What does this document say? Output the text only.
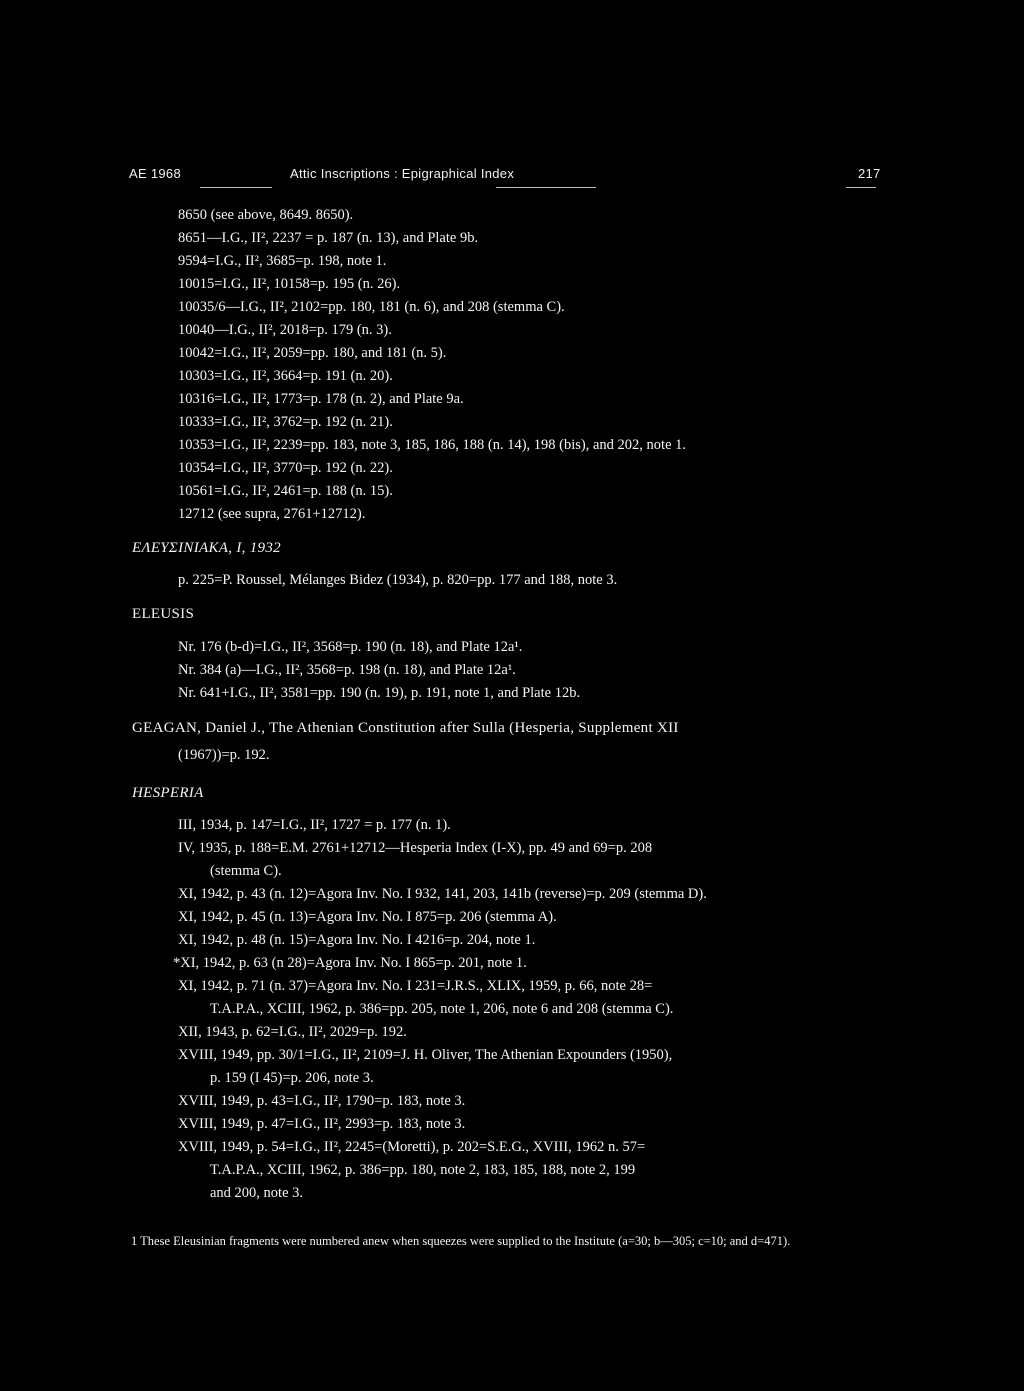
AE 1968	Attic Inscriptions : Epigraphical Index	217
8650 (see above, 8649. 8650).
8651—I.G., II², 2237 = p. 187 (n. 13), and Plate 9b.
9594=I.G., II², 3685=p. 198, note 1.
10015=I.G., II², 10158=p. 195 (n. 26).
10035/6—I.G., II², 2102=pp. 180, 181 (n. 6), and 208 (stemma C).
10040—I.G., II², 2018=p. 179 (n. 3).
10042=I.G., II², 2059=pp. 180, and 181 (n. 5).
10303=I.G., II², 3664=p. 191 (n. 20).
10316=I.G., II², 1773=p. 178 (n. 2), and Plate 9a.
10333=I.G., II², 3762=p. 192 (n. 21).
10353=I.G., II², 2239=pp. 183, note 3, 185, 186, 188 (n. 14), 198 (bis), and 202, note 1.
10354=I.G., II², 3770=p. 192 (n. 22).
10561=I.G., II², 2461=p. 188 (n. 15).
12712 (see supra, 2761+12712).
ΕΛΕΥΣΙΝΙΑΚΑ, I, 1932
p. 225=P. Roussel, Mélanges Bidez (1934), p. 820=pp. 177 and 188, note 3.
ELEUSIS
Nr. 176 (b-d)=I.G., II², 3568=p. 190 (n. 18), and Plate 12a¹.
Nr. 384 (a)—I.G., II², 3568=p. 198 (n. 18), and Plate 12a¹.
Nr. 641+I.G., II², 3581=pp. 190 (n. 19), p. 191, note 1, and Plate 12b.
GEAGAN, Daniel J., The Athenian Constitution after Sulla (Hesperia, Supplement XII
(1967))=p. 192.
HESPERIA
III, 1934, p. 147=I.G., II², 1727 = p. 177 (n. 1).
IV, 1935, p. 188=E.M. 2761+12712—Hesperia Index (I-X), pp. 49 and 69=p. 208
(stemma C).
XI, 1942, p. 43 (n. 12)=Agora Inv. No. I 932, 141, 203, 141b (reverse)=p. 209 (stemma D).
XI, 1942, p. 45 (n. 13)=Agora Inv. No. I 875=p. 206 (stemma A).
XI, 1942, p. 48 (n. 15)=Agora Inv. No. I 4216=p. 204, note 1.
*XI, 1942, p. 63 (n 28)=Agora Inv. No. I 865=p. 201, note 1.
XI, 1942, p. 71 (n. 37)=Agora Inv. No. I 231=J.R.S., XLIX, 1959, p. 66, note 28=
T.A.P.A., XCIII, 1962, p. 386=pp. 205, note 1, 206, note 6 and 208 (stemma C).
XII, 1943, p. 62=I.G., II², 2029=p. 192.
XVIII, 1949, pp. 30/1=I.G., II², 2109=J. H. Oliver, The Athenian Expounders (1950),
p. 159 (I 45)=p. 206, note 3.
XVIII, 1949, p. 43=I.G., II², 1790=p. 183, note 3.
XVIII, 1949, p. 47=I.G., II², 2993=p. 183, note 3.
XVIII, 1949, p. 54=I.G., II², 2245=(Moretti), p. 202=S.E.G., XVIII, 1962 n. 57=
T.A.P.A., XCIII, 1962, p. 386=pp. 180, note 2, 183, 185, 188, note 2, 199
and 200, note 3.
1 These Eleusinian fragments were numbered anew when squeezes were supplied to the Institute (a=30; b—305; c=10; and d=471).
